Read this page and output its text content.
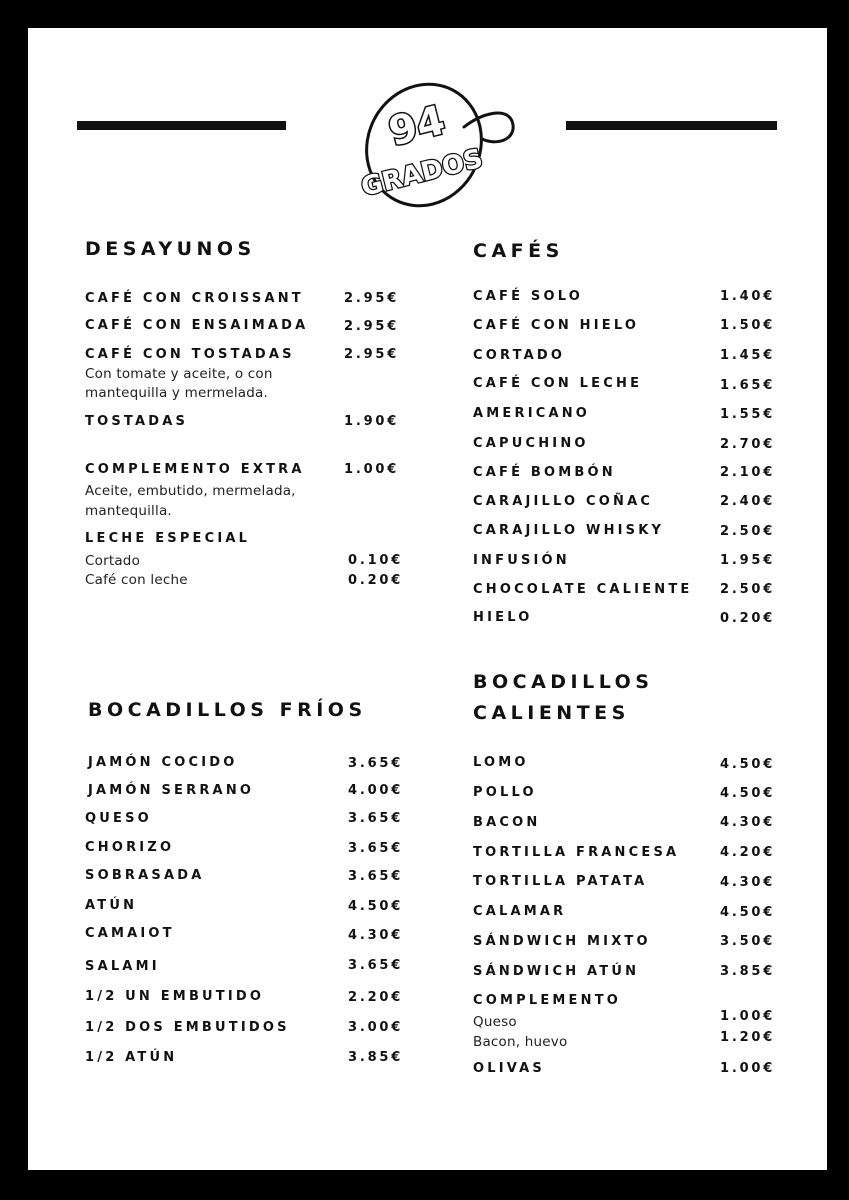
94
GRADOS
DESAYUNOS
CAFÉ CON CROISSANT	2.95€
CAFÉ CON ENSAIMADA	2.95€
CAFÉ CON TOSTADAS	2.95€
Con tomate y aceite, o con
mantequilla y mermelada.
TOSTADAS	1.90€
COMPLEMENTO EXTRA	1.00€
Aceite, embutido, mermelada,
mantequilla.
LECHE ESPECIAL
Cortado	0.10€
Café con leche	0.20€
CAFÉS
CAFÉ SOLO	1.40€
CAFÉ CON HIELO	1.50€
CORTADO	1.45€
CAFÉ CON LECHE	1.65€
AMERICANO	1.55€
CAPUCHINO	2.70€
CAFÉ BOMBÓN	2.10€
CARAJILLO COÑAC	2.40€
CARAJILLO WHISKY	2.50€
INFUSIÓN	1.95€
CHOCOLATE CALIENTE 2.50€
HIELO	0.20€
BOCADILLOS FRÍOS
JAMÓN COCIDO	3.65€
JAMÓN SERRANO	4.00€
QUESO	3.65€
CHORIZO	3.65€
SOBRASADA	3.65€
ATÚN	4.50€
CAMAIOT	4.30€
SALAMI	3.65€
1/2 UN EMBUTIDO	2.20€
1/2 DOS EMBUTIDOS	3.00€
1/2 ATÚN	3.85€
BOCADILLOS
CALIENTES
LOMO	4.50€
POLLO	4.50€
BACON	4.30€
TORTILLA FRANCESA	4.20€
TORTILLA PATATA	4.30€
CALAMAR	4.50€
SÁNDWICH MIXTO	3.50€
SÁNDWICH ATÚN	3.85€
COMPLEMENTO
Queso	1.00€
Bacon, huevo	1.20€
OLIVAS	1.00€
